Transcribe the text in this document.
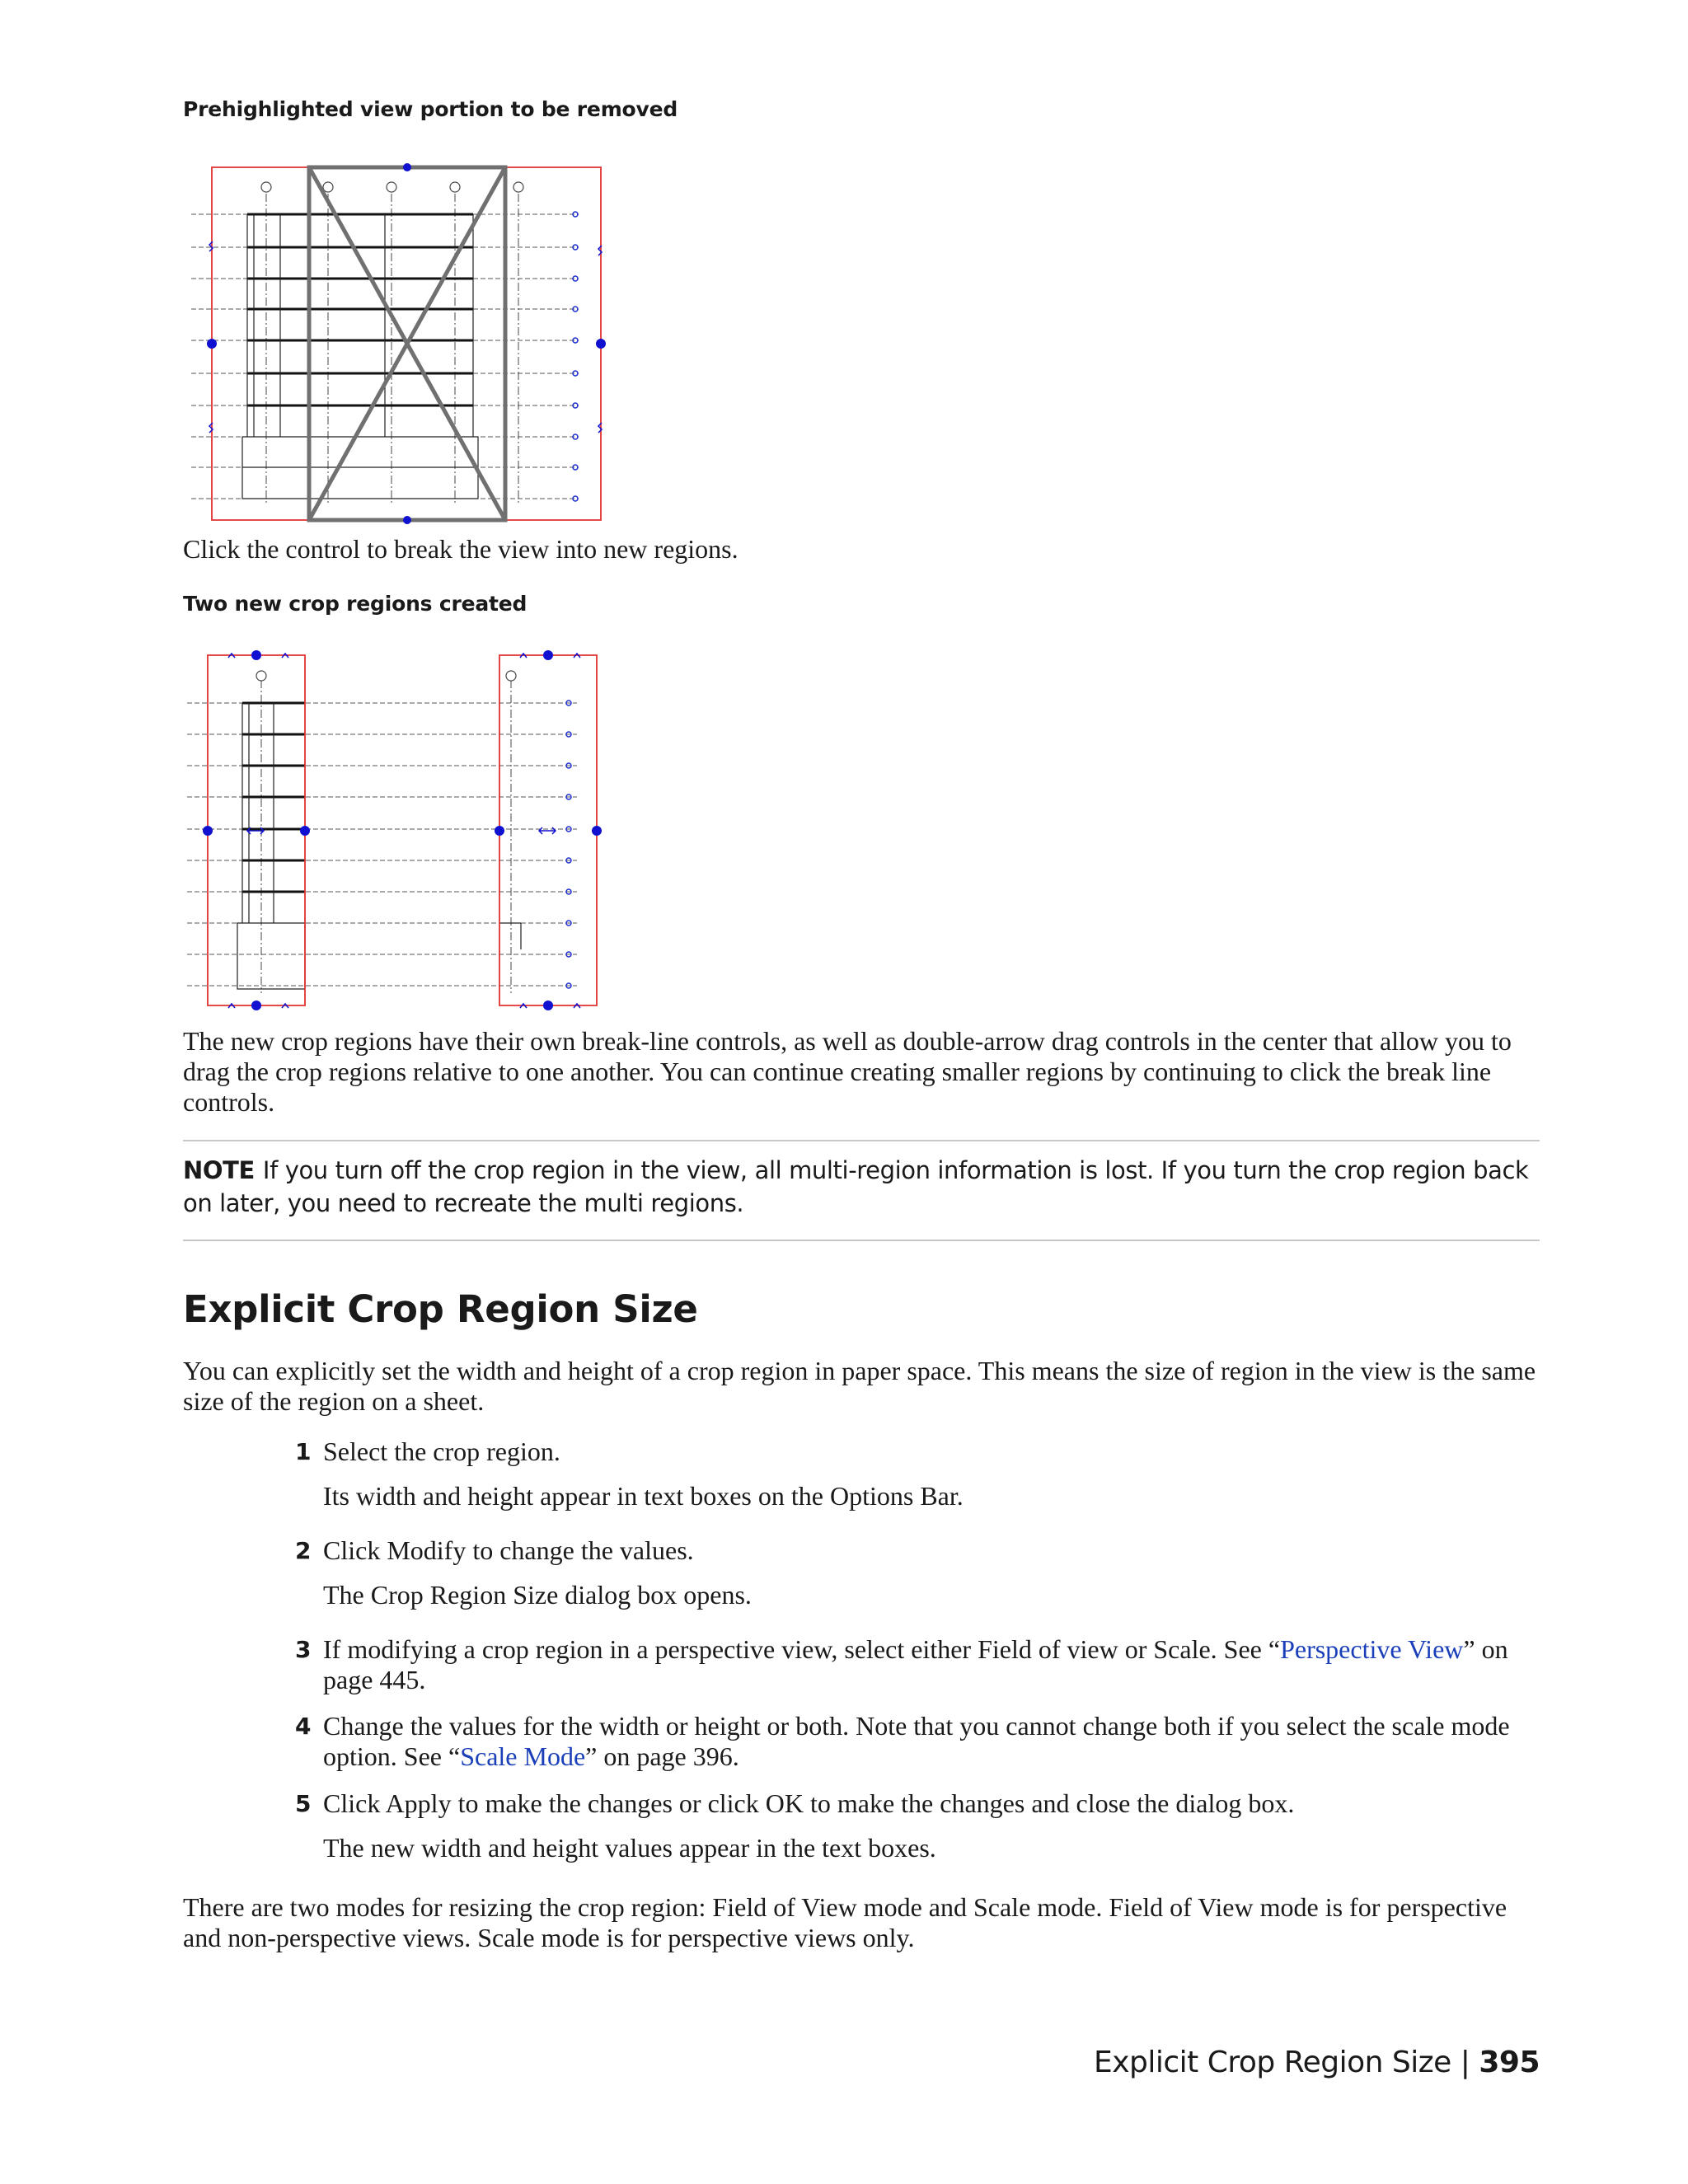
Prehighlighted view portion to be removed
Click the control to break the view into new regions.
Two new crop regions created
The new crop regions have their own break-line controls, as well as double-arrow drag controls in the center that allow you to drag the crop regions relative to one another. You can continue creating smaller regions by continuing to click the break line controls.
NOTE If you turn off the crop region in the view, all multi-region information is lost. If you turn the crop region back on later, you need to recreate the multi regions.
Explicit Crop Region Size
You can explicitly set the width and height of a crop region in paper space. This means the size of region in the view is the same size of the region on a sheet.
1 Select the crop region.
Its width and height appear in text boxes on the Options Bar.
2 Click Modify to change the values.
The Crop Region Size dialog box opens.
3 If modifying a crop region in a perspective view, select either Field of view or Scale. See “Perspective View” on page 445.
4 Change the values for the width or height or both. Note that you cannot change both if you select the scale mode option. See “Scale Mode” on page 396.
5 Click Apply to make the changes or click OK to make the changes and close the dialog box.
The new width and height values appear in the text boxes.
There are two modes for resizing the crop region: Field of View mode and Scale mode. Field of View mode is for perspective and non-perspective views. Scale mode is for perspective views only.
Explicit Crop Region Size | 395
